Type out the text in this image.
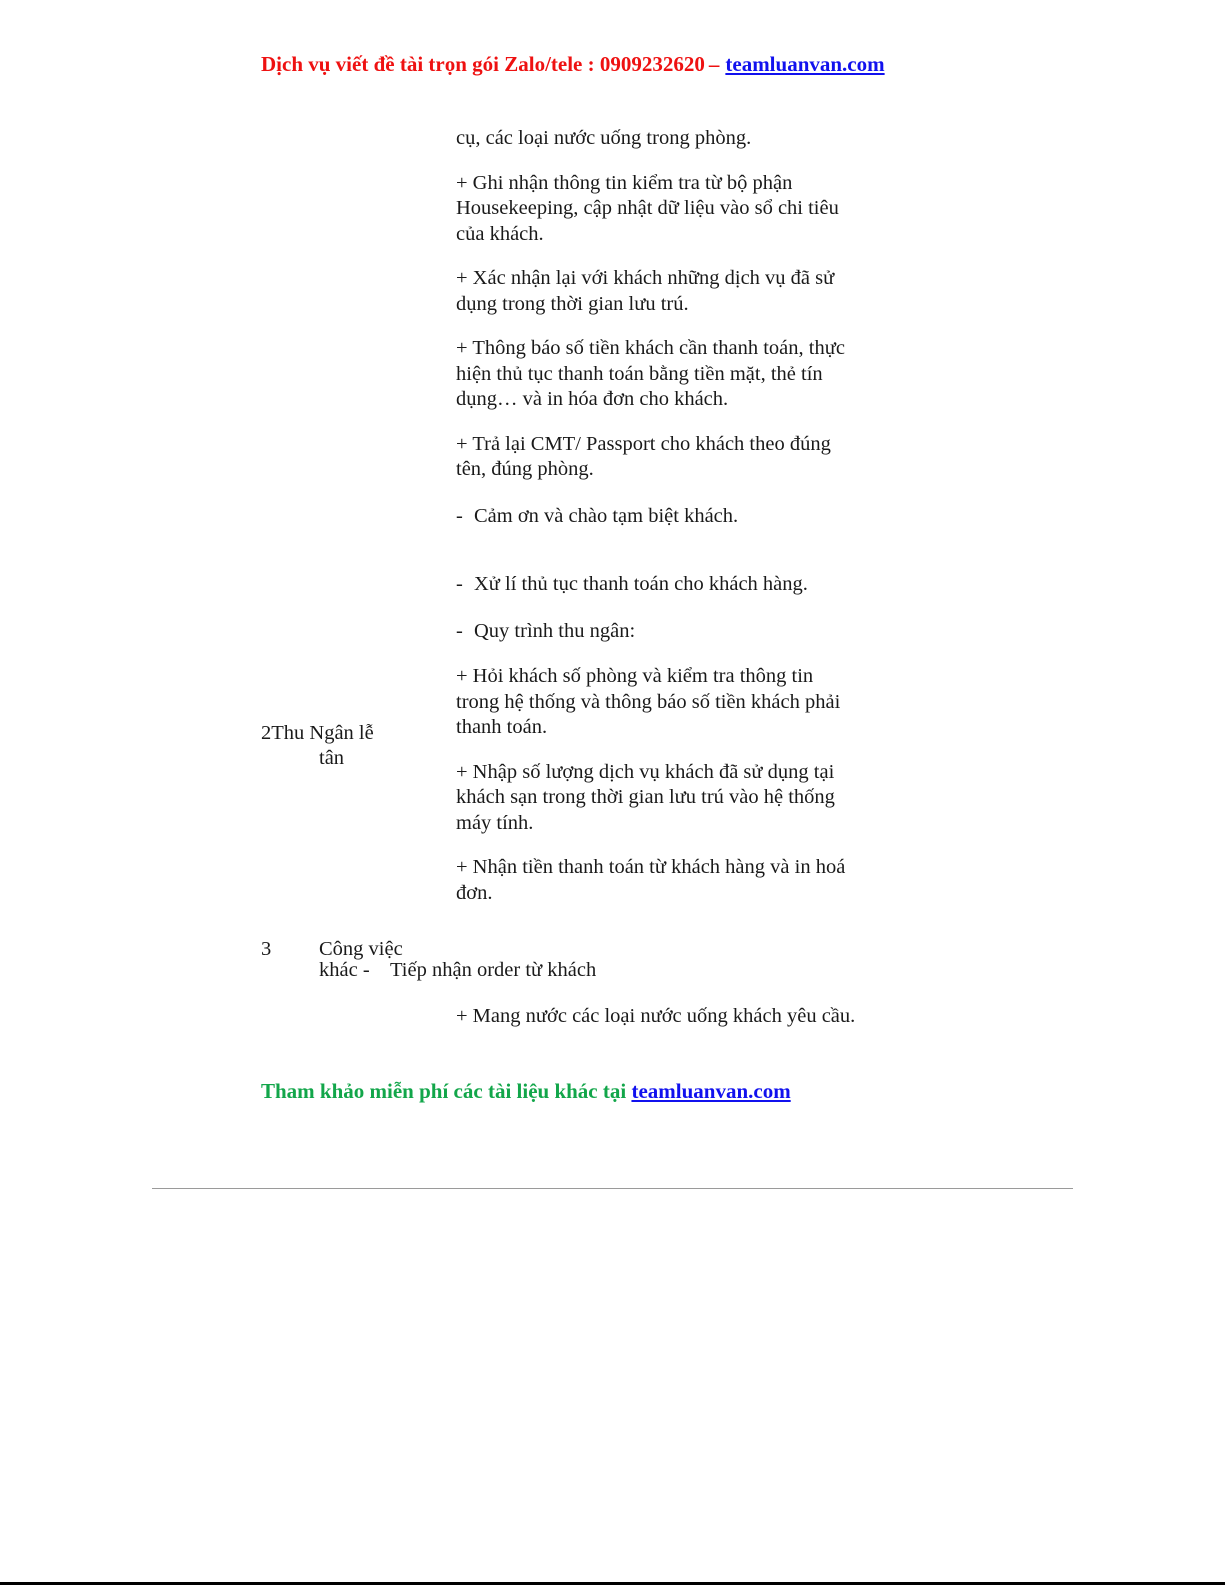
Dịch vụ viết đề tài trọn gói Zalo/tele : 0909232620 – teamluanvan.com

cụ, các loại nước uống trong phòng.

+ Ghi nhận thông tin kiểm tra từ bộ phận Housekeeping, cập nhật dữ liệu vào sổ chi tiêu của khách.

+ Xác nhận lại với khách những dịch vụ đã sử dụng trong thời gian lưu trú.

+ Thông báo số tiền khách cần thanh toán, thực hiện thủ tục thanh toán bằng tiền mặt, thẻ tín dụng… và in hóa đơn cho khách.

+ Trả lại CMT/ Passport cho khách theo đúng tên, đúng phòng.

- Cảm ơn và chào tạm biệt khách.

- Xử lí thủ tục thanh toán cho khách hàng.

- Quy trình thu ngân:

+ Hỏi khách số phòng và kiểm tra thông tin trong hệ thống và thông báo số tiền khách phải thanh toán.

+ Nhập số lượng dịch vụ khách đã sử dụng tại khách sạn trong thời gian lưu trú vào hệ thống máy tính.

+ Nhận tiền thanh toán từ khách hàng và in hoá đơn.

2Thu Ngân lễ
tân
3 Công việc
khác - Tiếp nhận order từ khách
+ Mang nước các loại nước uống khách yêu cầu.
Tham khảo miễn phí các tài liệu khác tại teamluanvan.com
